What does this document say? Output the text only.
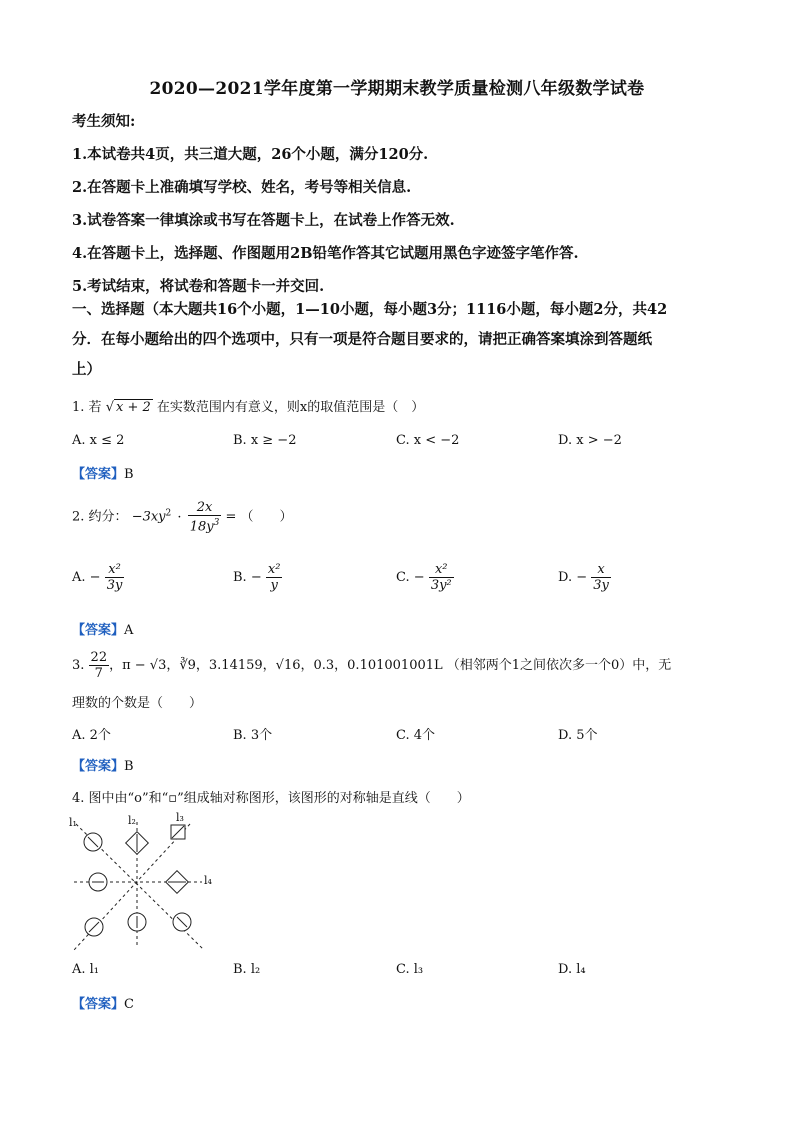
2020—2021学年度第一学期期末教学质量检测八年级数学试卷
考生须知:
1.本试卷共4页，共三道大题，26个小题，满分120分.
2.在答题卡上准确填写学校、姓名，考号等相关信息.
3.试卷答案一律填涂或书写在答题卡上，在试卷上作答无效.
4.在答题卡上，选择题、作图题用2B铅笔作答其它试题用黑色字迹签字笔作答.
5.考试结束，将试卷和答题卡一并交回.
一、选择题（本大题共16个小题，1—10小题，每小题3分；1116小题，每小题2分，共42
分．在每小题给出的四个选项中，只有一项是符合题目要求的，请把正确答案填涂到答题纸
上）
1. 若 √ x + 2 在实数范围内有意义，则x的取值范围是（　）
A. x ≤ 2	B. x ≥ −2	C. x < −2	D. x > −2
【答案】B
2. 约分： $-3xy^2 \cdot \frac{2x}{18y^3}$ = （　　）
A. − $\frac{\text{x²}}{3y}$	B. − $\frac{\text{x²}}{y}$	C. − $\frac{\text{x²}}{\text{3y²}}$	D. − $\frac{x}{3y}$
【答案】A
3. $\frac{22}{7}$ ，π − √3，∛9，3.14159，√16，0.3，0.101001001L （相邻两个1之间依次多一个0）中，无
理数的个数是（　　）
A. 2个	B. 3个	C. 4个	D. 5个
【答案】B
4. 图中由“o”和“▫”组成轴对称图形，该图形的对称轴是直线（　　）
l₁	l₂	l₃
l₄
A. l₁	B. l₂	C. l₃	D. l₄
【答案】C
